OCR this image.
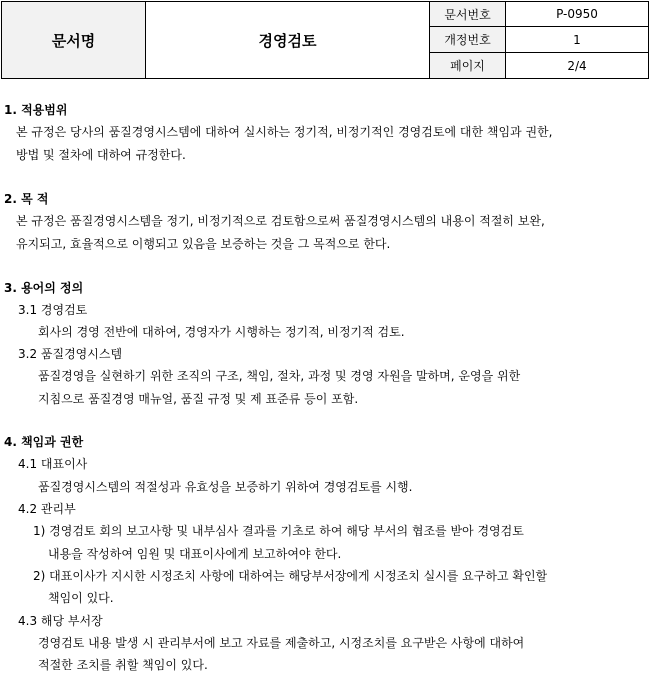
문서명	경영검토	문서번호	P-0950
		개정번호	1
		페이지	2/4
1. 적용범위
본 규정은 당사의 품질경영시스템에 대하여 실시하는 정기적, 비정기적인 경영검토에 대한 책임과 권한,
방법 및 절차에 대하여 규정한다.
2. 목 적
본 규정은 품질경영시스템을 정기, 비정기적으로 검토함으로써 품질경영시스템의 내용이 적절히 보완,
유지되고, 효율적으로 이행되고 있음을 보증하는 것을 그 목적으로 한다.
3. 용어의 정의
3.1 경영검토
회사의 경영 전반에 대하여, 경영자가 시행하는 정기적, 비정기적 검토.
3.2 품질경영시스템
품질경영을 실현하기 위한 조직의 구조, 책임, 절차, 과정 및 경영 자원을 말하며, 운영을 위한
지침으로 품질경영 매뉴얼, 품질 규정 및 제 표준류 등이 포함.
4. 책임과 권한
4.1 대표이사
품질경영시스템의 적절성과 유효성을 보증하기 위하여 경영검토를 시행.
4.2 관리부
1) 경영검토 회의 보고사항 및 내부심사 결과를 기초로 하여 해당 부서의 협조를 받아 경영검토
내용을 작성하여 임원 및 대표이사에게 보고하여야 한다.
2) 대표이사가 지시한 시정조치 사항에 대하여는 해당부서장에게 시정조치 실시를 요구하고 확인할
책임이 있다.
4.3 해당 부서장
경영검토 내용 발생 시 관리부서에 보고 자료를 제출하고, 시정조치를 요구받은 사항에 대하여
적절한 조치를 취할 책임이 있다.
